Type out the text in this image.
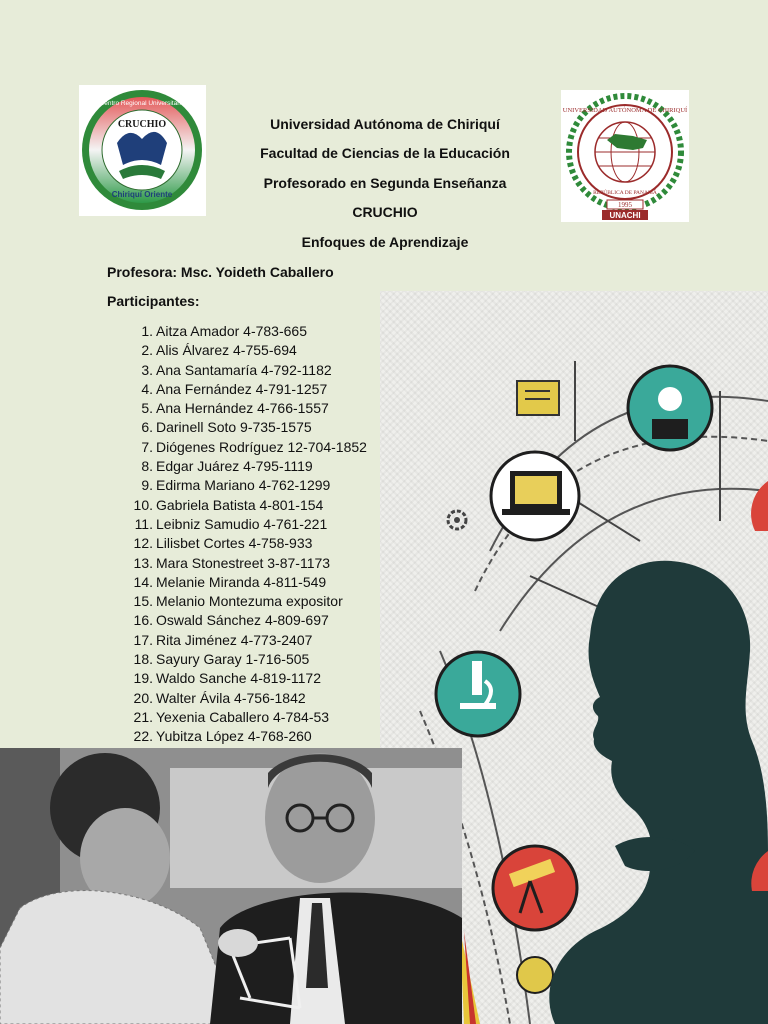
CRUCHIO
Chiriquí Oriente
Centro Regional Universitario
UNIVERSIDAD AUTÓNOMA DE CHIRIQUÍ
REPÚBLICA DE PANAMÁ
1995
UNACHI
Universidad Autónoma de Chiriquí
Facultad de Ciencias de la Educación
Profesorado en Segunda Enseñanza
CRUCHIO
Enfoques de Aprendizaje
Profesora: Msc. Yoideth Caballero
Participantes:
1. Aitza Amador 4-783-665
2. Alis Álvarez 4-755-694
3. Ana Santamaría 4-792-1182
4. Ana Fernández 4-791-1257
5. Ana Hernández 4-766-1557
6. Darinell Soto 9-735-1575
7. Diógenes Rodríguez 12-704-1852
8. Edgar Juárez 4-795-1119
9. Edirma Mariano 4-762-1299
10. Gabriela Batista 4-801-154
11. Leibniz Samudio 4-761-221
12. Lilisbet Cortes 4-758-933
13. Mara Stonestreet 3-87-1173
14. Melanie Miranda 4-811-549
15. Melanio Montezuma expositor
16. Oswald Sánchez 4-809-697
17. Rita Jiménez 4-773-2407
18. Sayury Garay 1-716-505
19. Waldo Sanche 4-819-1172
20. Walter Ávila 4-756-1842
21. Yexenia Caballero 4-784-53
22. Yubitza López 4-768-260
